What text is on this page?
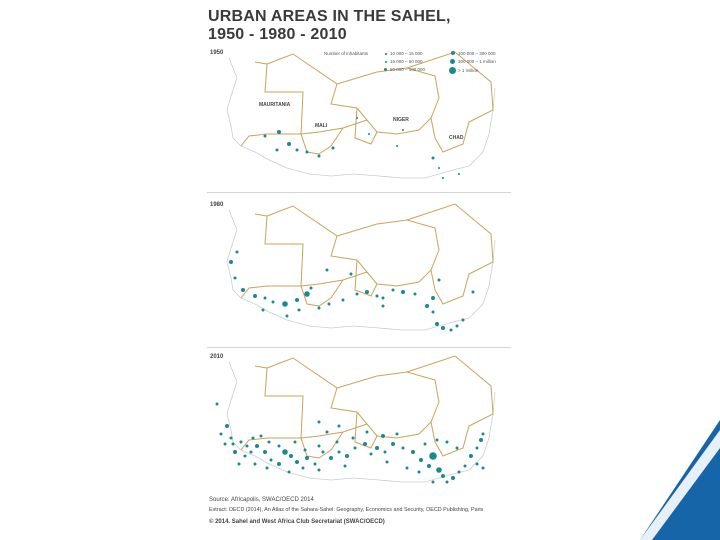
URBAN AREAS IN THE SAHEL,
1950 - 1980 - 2010
1950
MAURITANIA
MALI
NIGER
CHAD
Number of inhabitants	10 000 – 15 000
15 000 – 50 000
50 000 – 100 000
100 000 – 300 000
300 000 – 1 million
> 1 million
1980
2010
Source: Africapolis, SWAC/OECD 2014
Extract: OECD (2014), An Atlas of the Sahara-Sahel: Geography, Economics and Security, OECD Publishing, Paris
© 2014. Sahel and West Africa Club Secretariat (SWAC/OECD)
